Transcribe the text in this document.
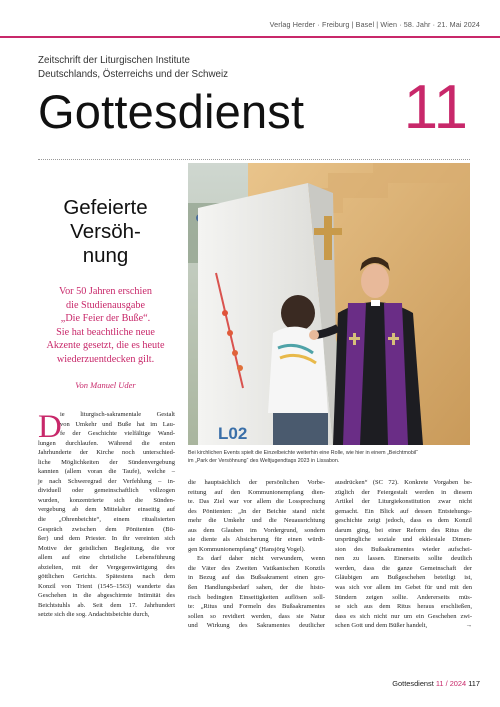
Verlag Herder · Freiburg | Basel | Wien · 58. Jahr · 21. Mai 2024
Zeitschrift der Liturgischen Institute
Deutschlands, Österreichs und der Schweiz
Gottesdienst 11
Gefeierte
Versöh-
nung
Vor 50 Jahren erschien
die Studienausgabe
„Die Feier der Buße“.
Sie hat beachtliche neue
Akzente gesetzt, die es heute
wiederzuentdecken gilt.
Von Manuel Uder
L02
Bei kirchlichen Events spielt die Einzelbeichte weiterhin eine Rolle, wie hier in einem „Beichtmobil“
im „Park der Versöhnung“ des Weltjugendtags 2023 in Lissabon.
D
ie liturgisch-sakramentale Gestalt
von Umkehr und Buße hat im Lau-
fe der Geschichte vielfältige Wand-
lungen durchlaufen. Während die ersten
Jahrhunderte der Kirche noch unterschied-
liche Möglichkeiten der Sündenvergebung
kannten (allem voran die Taufe), welche –
je nach Schweregrad der Verfehlung – in-
dividuell oder gemeinschaftlich vollzogen
wurden, konzentrierte sich die Sünden-
vergebung ab dem Mittelalter einseitig auf
die „Ohrenbeichte“, einem ritualisierten
Gespräch zwischen dem Pönitenten (Bü-
ßer) und dem Priester. In ihr vereinten sich
Motive der geistlichen Begleitung, die vor
allem auf eine christliche Lebensführung
abzielten, mit der Vergegenwärtigung des
göttlichen Gerichts. Spätestens nach dem
Konzil von Trient (1545–1563) wanderte das
Geschehen in die abgeschirmte Intimität des
Beichtstuhls ab. Seit dem 17. Jahrhundert
setzte sich die sog. Andachtsbeichte durch,
die hauptsächlich der persönlichen Vorbe-
reitung auf den Kommunionempfang dien-
te. Das Ziel war vor allem die Lossprechung
des Pönitenten: „In der Beichte stand nicht
mehr die Umkehr und die Neuausrichtung
aus dem Glauben im Vordergrund, sondern
sie diente als Absicherung für einen würdi-
gen Kommunionempfang“ (Hansjörg Vogel).
Es darf daher nicht verwundern, wenn
die Väter des Zweiten Vatikanischen Konzils
in Bezug auf das Bußsakrament einen gro-
ßen Handlungsbedarf sahen, der die histo-
risch bedingten Einseitigkeiten auflösen soll-
te: „Ritus und Formeln des Bußsakramentes
sollen so revidiert werden, dass sie Natur
und Wirkung des Sakramentes deutlicher
ausdrücken“ (SC 72). Konkrete Vorgaben be-
züglich der Feiergestalt werden in diesem
Artikel der Liturgiekonstitution zwar nicht
gemacht. Ein Blick auf dessen Entstehungs-
geschichte zeigt jedoch, dass es dem Konzil
darum ging, bei einer Reform des Ritus die
ursprüngliche soziale und ekklesiale Dimen-
sion des Bußsakramentes wieder aufschei-
nen zu lassen. Einerseits sollte deutlich
werden, dass die ganze Gemeinschaft der
Gläubigen am Bußgeschehen beteiligt ist,
was sich vor allem im Gebet für und mit den
Sündern zeigen sollte. Andererseits müs-
se sich aus dem Ritus heraus erschließen,
dass es sich nicht nur um ein Geschehen zwi-
schen Gott und dem Büßer handelt,	→
Gottesdienst 11 / 2024 117
